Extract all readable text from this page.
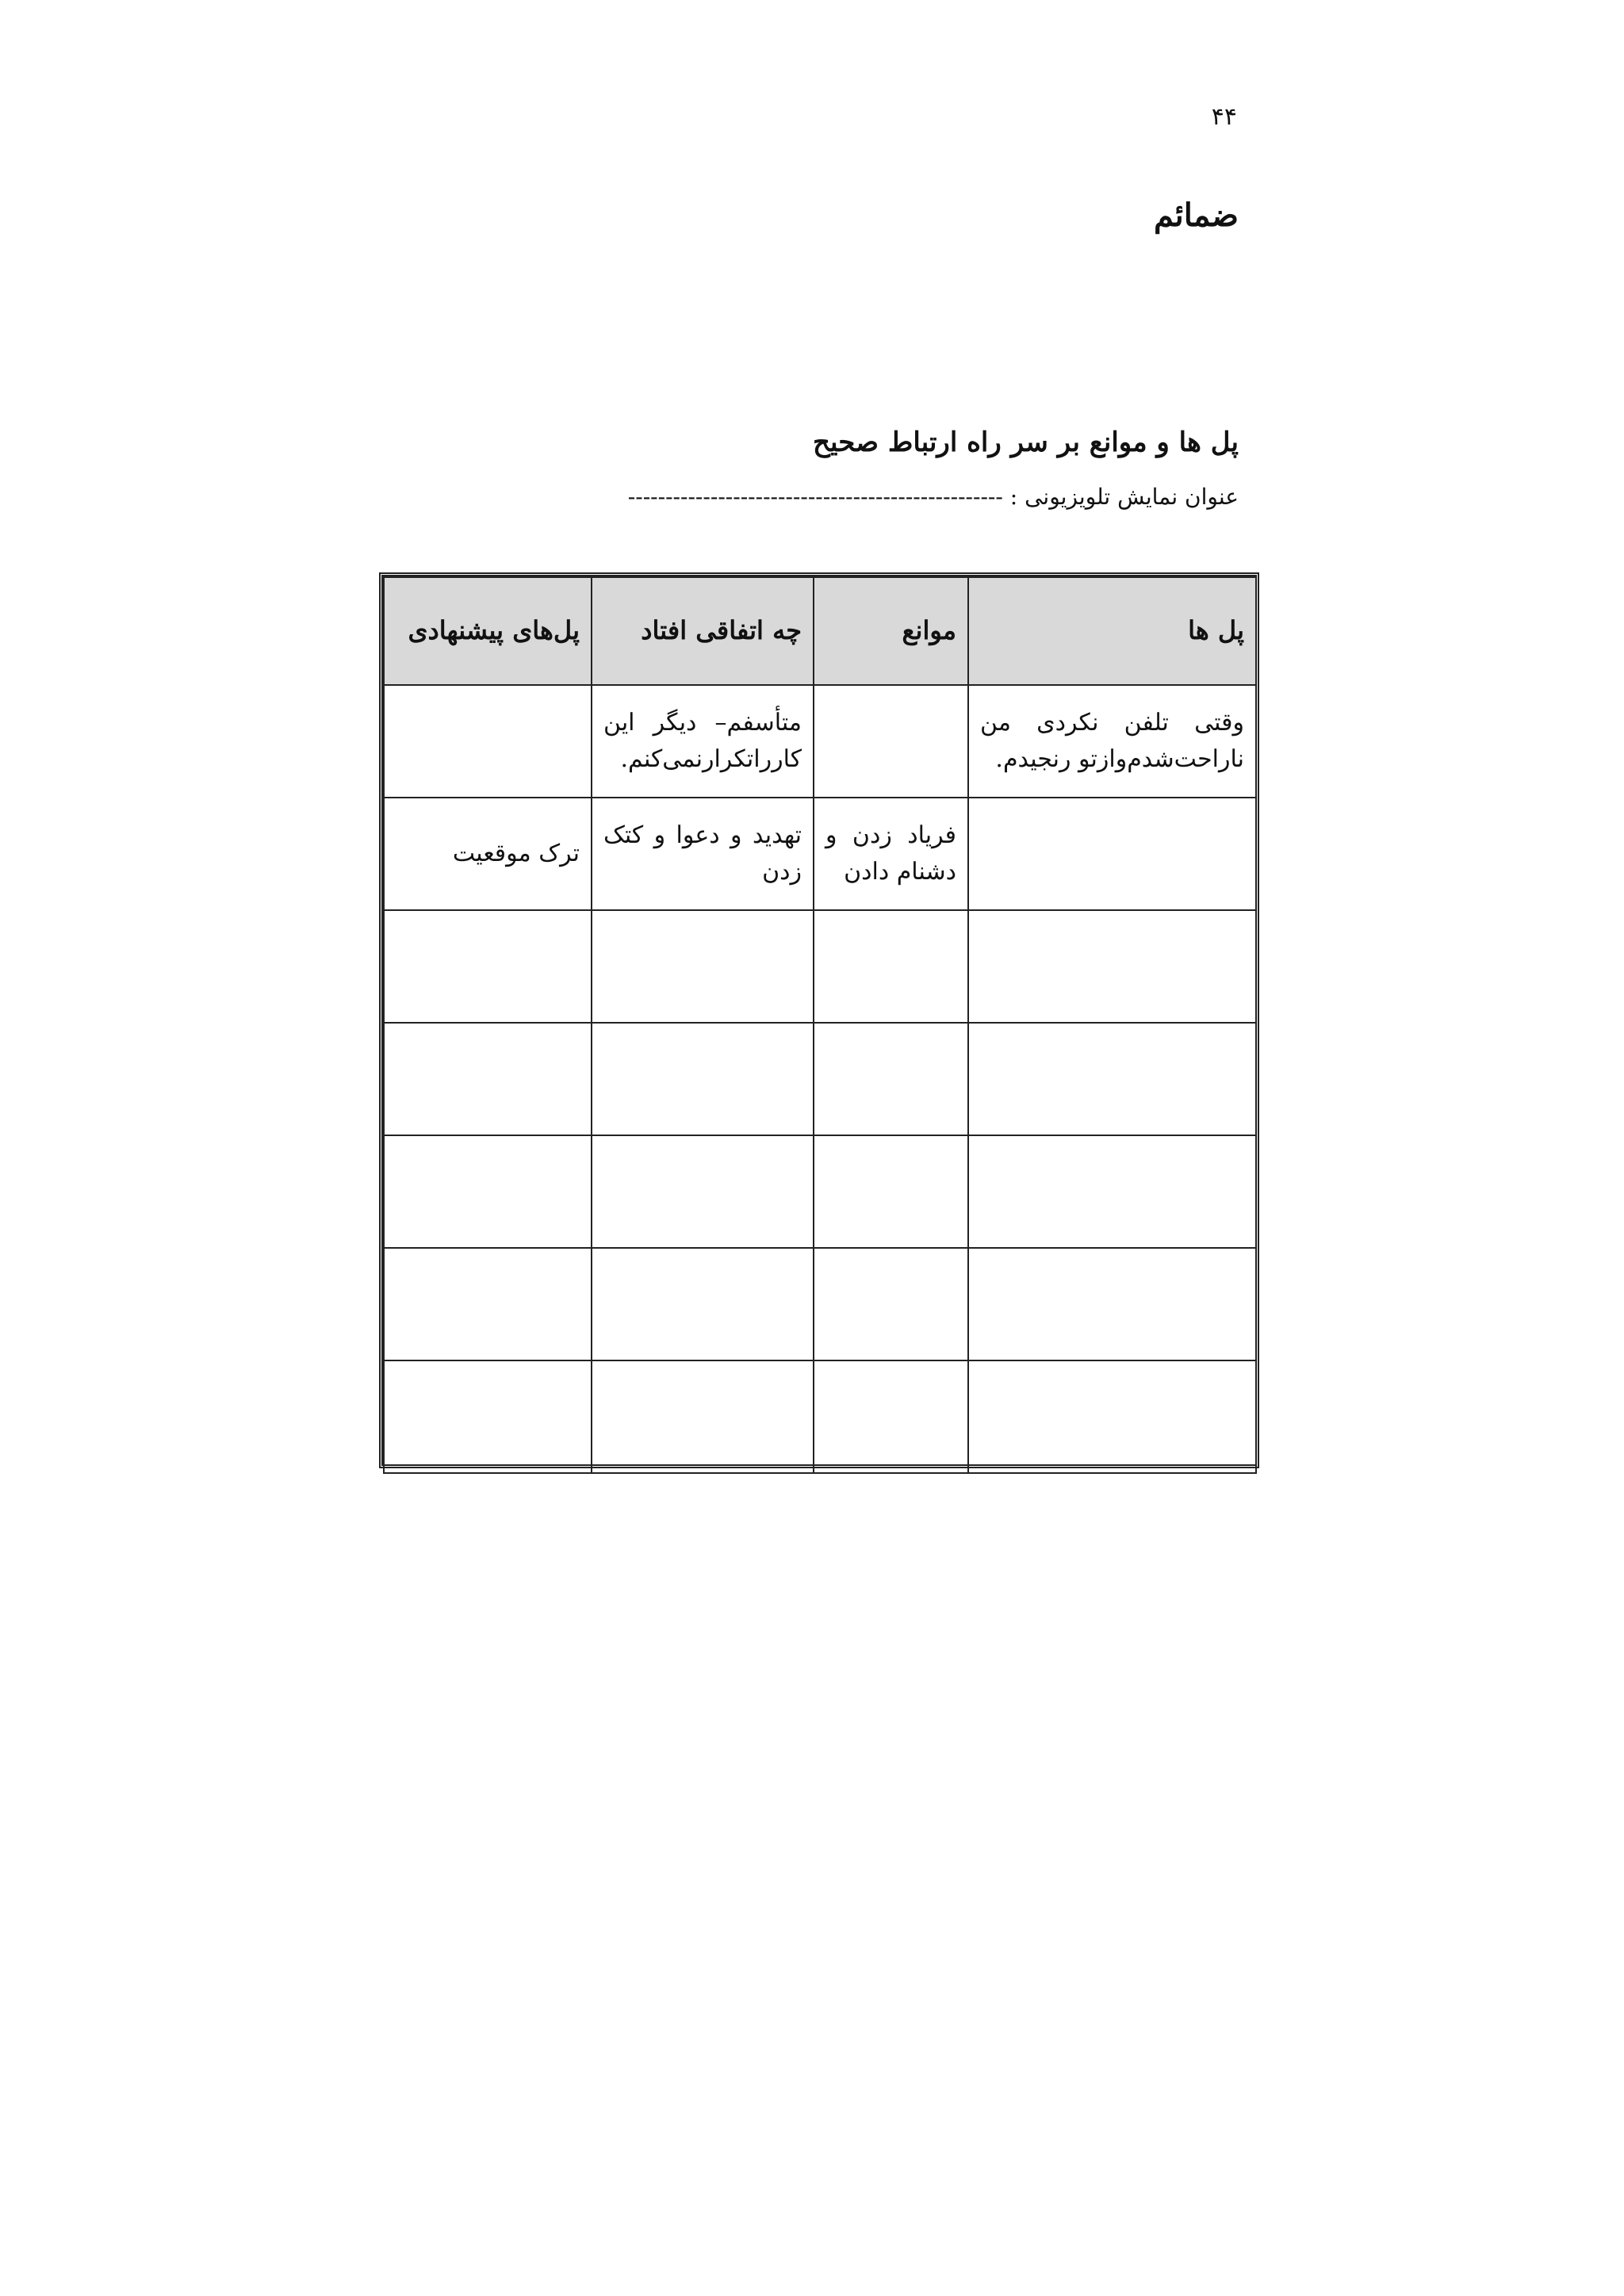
۴۴
ضمائم
پل ها و موانع بر سر راه ارتباط صحیح
عنوان نمایش تلویزیونی : --------------------------------------------------
پل ها	موانع	چه اتفاقی افتاد	پل‌های پیشنهادی
وقتی تلفن نکردی من ناراحت‌شدم‌وازتو رنجیدم.		متأسفم– دیگر این کارراتکرارنمی‌کنم.	
	فریاد زدن و دشنام دادن	تهدید و دعوا و کتک زدن	ترک موقعیت
